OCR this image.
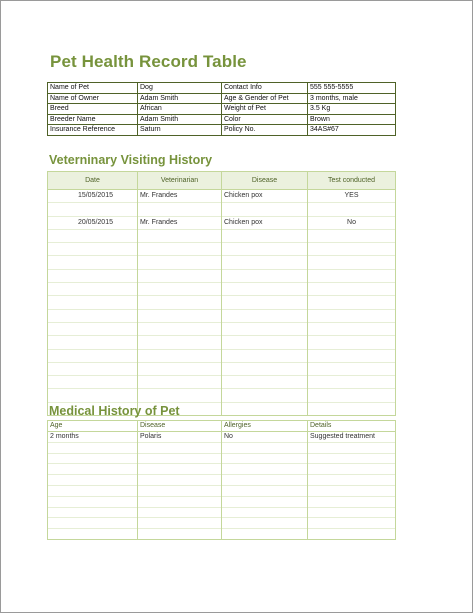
Pet Health Record Table
Name of Pet	Dog	Contact Info	555 555-5555
Name of Owner	Adam Smith	Age & Gender of Pet	3 months, male
Breed	African	Weight of Pet	3.5 Kg
Breeder Name	Adam Smith	Color	Brown
Insurance Reference	Saturn	Policy No.	34AS#67
Veterninary Visiting History
Date	Veterinarian	Disease	Test conducted
15/05/2015	Mr. Frandes	Chicken pox	YES

20/05/2015	Mr. Frandes	Chicken pox	No

Medical History of Pet
Age	Disease	Allergies	Details
2 months	Polaris	No	Suggested treatment
